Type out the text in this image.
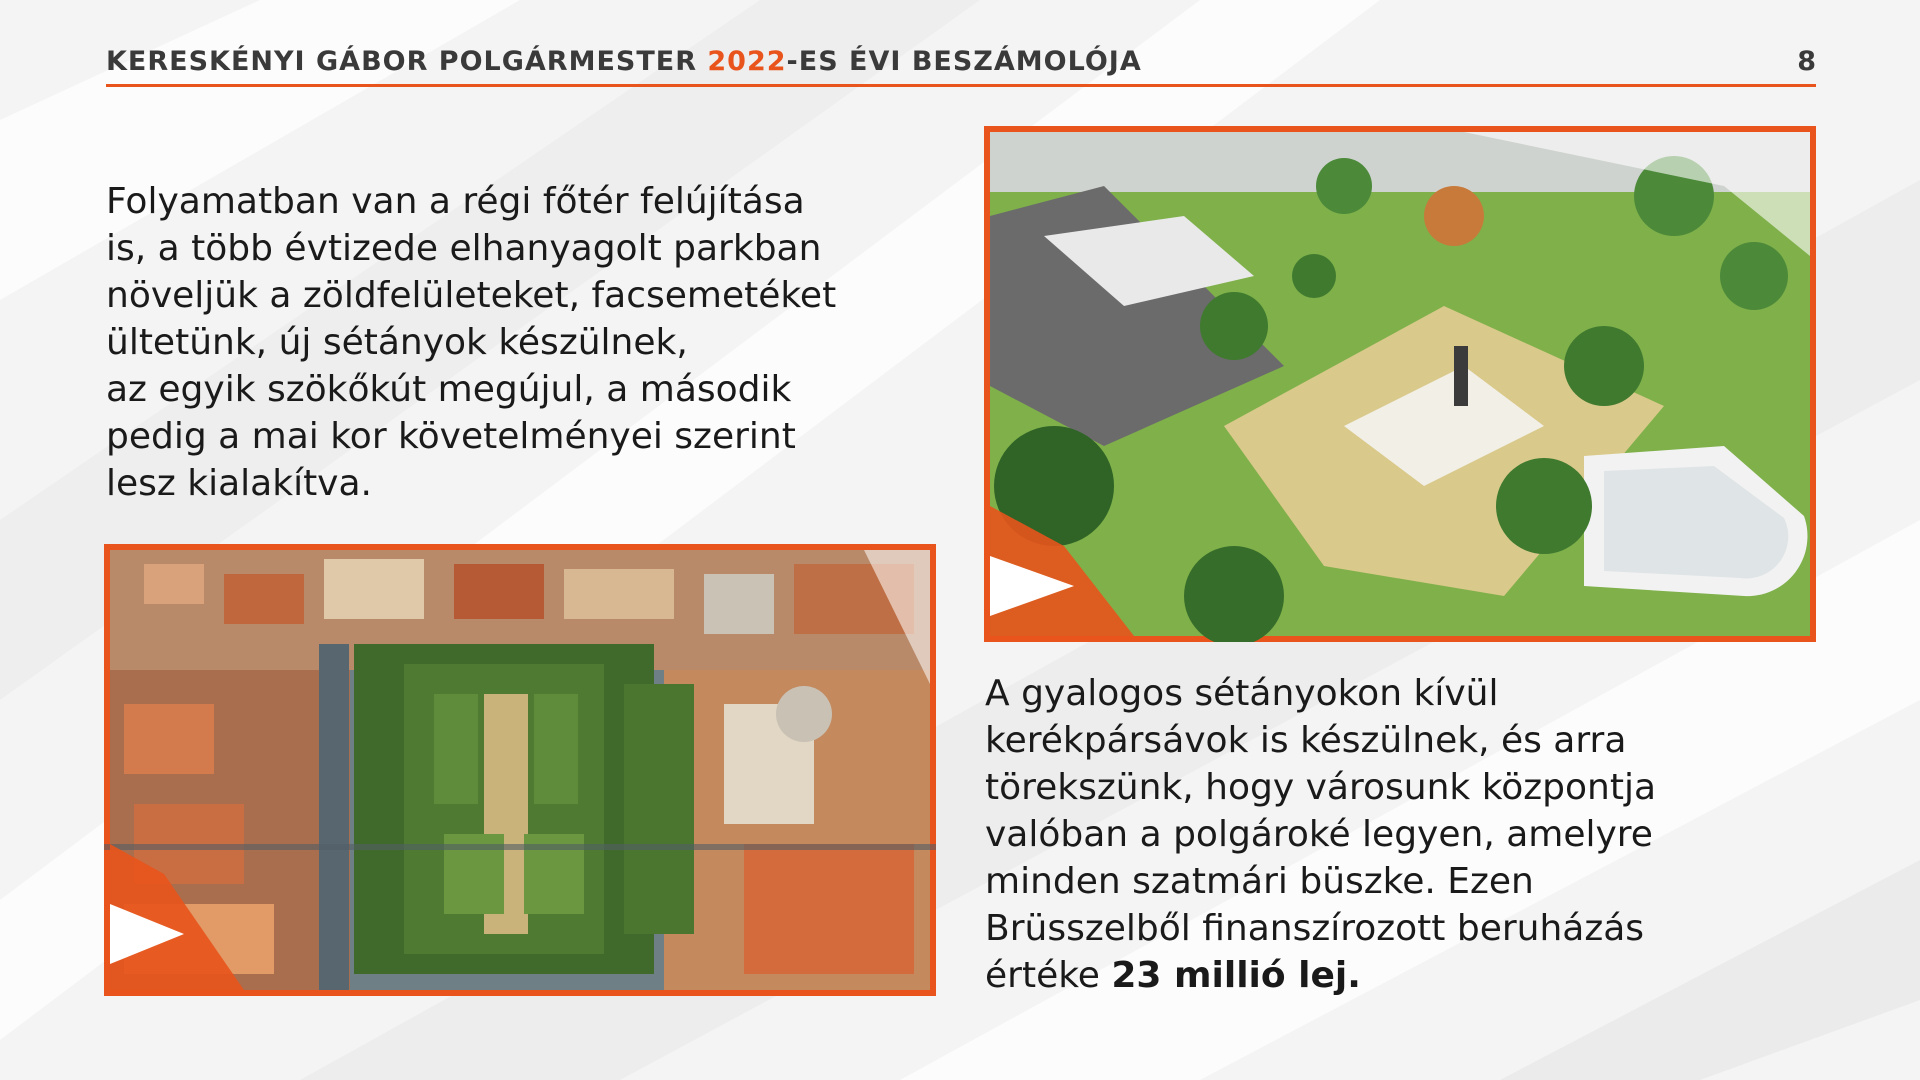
KERESKÉNYI GÁBOR POLGÁRMESTER 2022-ES ÉVI BESZÁMOLÓJA	8
Folyamatban van a régi főtér felújítása
is, a több évtizede elhanyagolt parkban
növeljük a zöldfelületeket, facsemetéket
ültetünk, új sétányok készülnek,
az egyik szökőkút megújul, a második
pedig a mai kor követelményei szerint
lesz kialakítva.
A gyalogos sétányokon kívül
kerékpársávok is készülnek, és arra
törekszünk, hogy városunk központja
valóban a polgároké legyen, amelyre
minden szatmári büszke. Ezen
Brüsszelből finanszírozott beruházás
értéke 23 millió lej.
